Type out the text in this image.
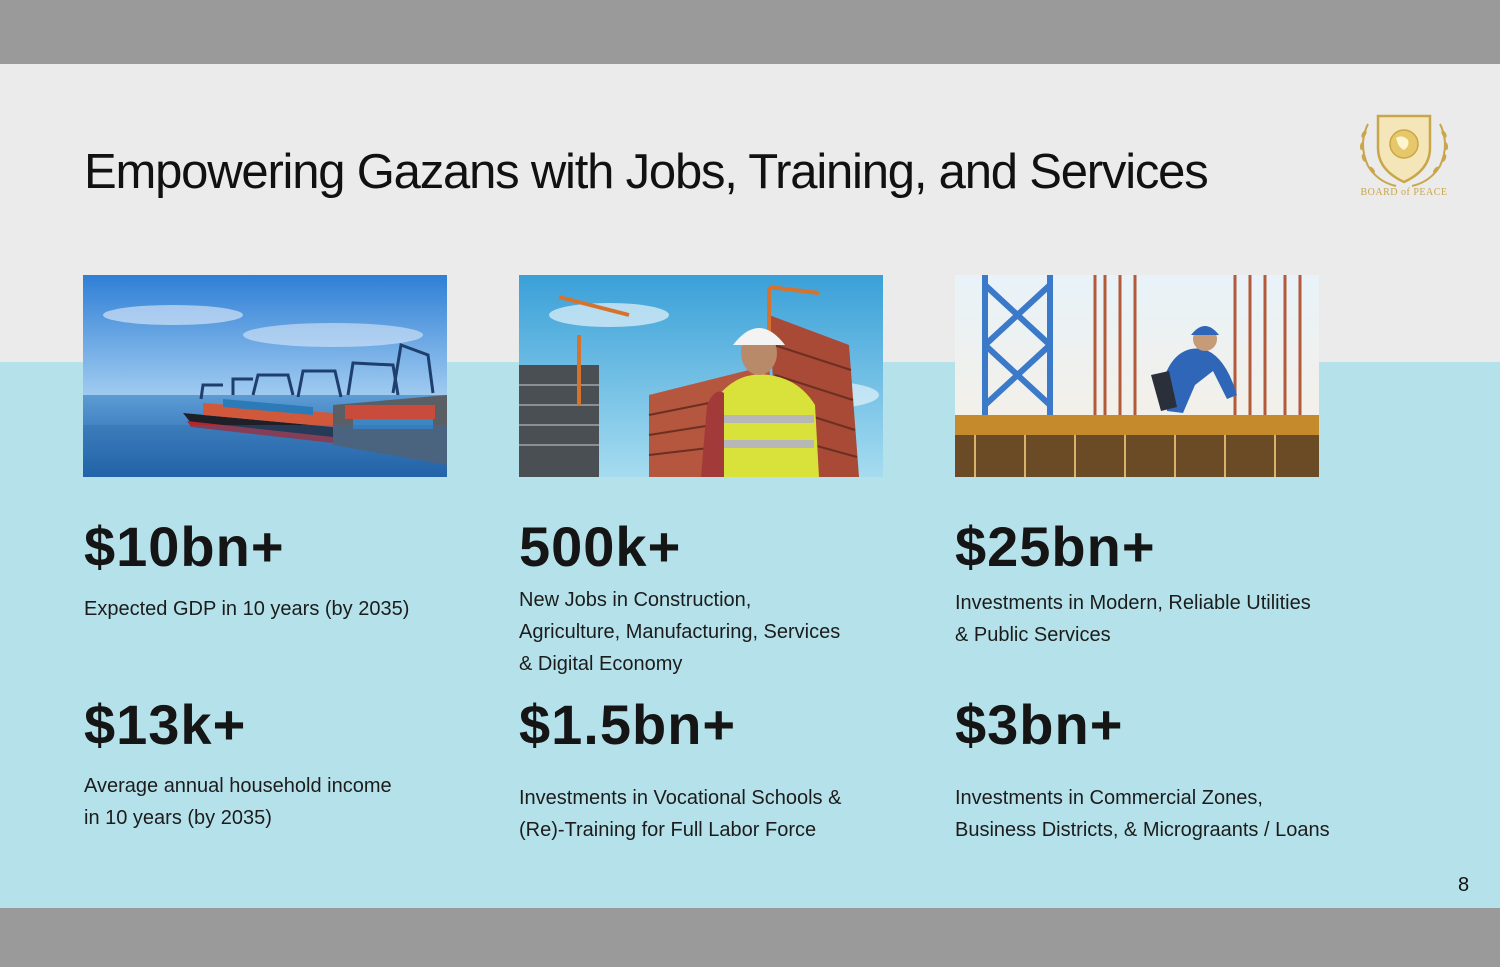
Empowering Gazans with Jobs, Training, and Services	BOARD of PEACE
$10bn+
Expected GDP in 10 years (by 2035)
500k+
New Jobs in Construction,
Agriculture, Manufacturing, Services
& Digital Economy
$25bn+
Investments in Modern, Reliable Utilities
& Public Services
$13k+
Average annual household income
in 10 years (by 2035)
$1.5bn+
Investments in Vocational Schools &
(Re)-Training for Full Labor Force
$3bn+
Investments in Commercial Zones,
Business Districts, & Micrograants / Loans
8
